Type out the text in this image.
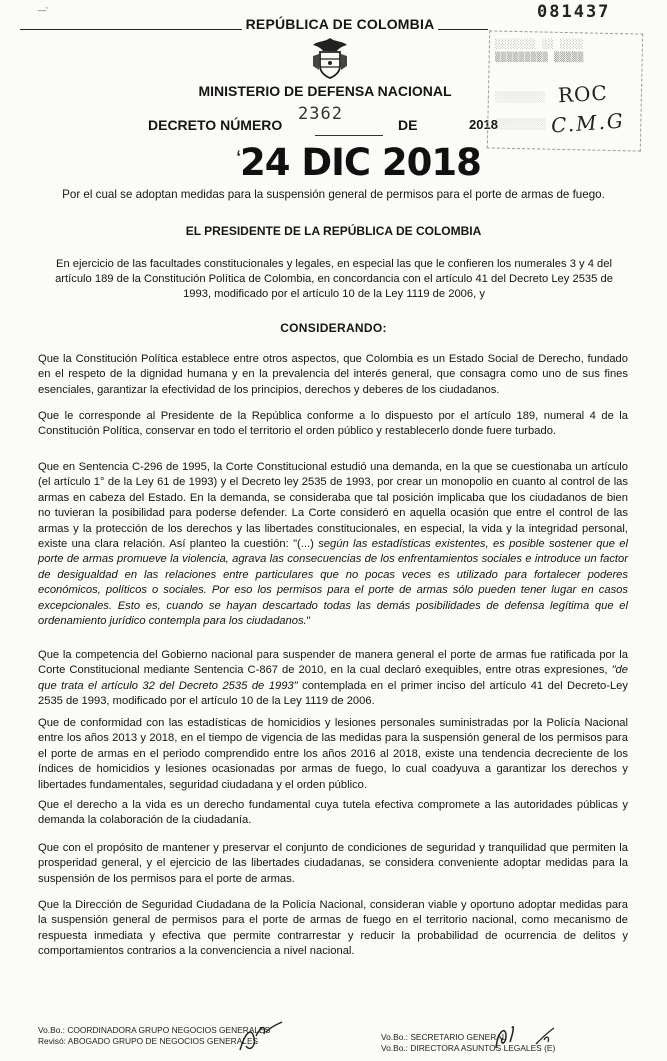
—’
REPÚBLICA DE COLOMBIA
081437
MINISTERIO DE DEFENSA NACIONAL
DECRETO NÚMERO
2362
DE	2018
‘
24 DIC 2018
░░░░░░░ ░░ ░░░░
▒▒▒▒▒▒▒▒▒ ▒▒▒▒▒
░░░░░░░
░░░░░░░
ROC
C.M.G
Por el cual se adoptan medidas para la suspensión general de permisos para el porte de armas de fuego.
EL PRESIDENTE DE LA REPÚBLICA DE COLOMBIA
En ejercicio de las facultades constitucionales y legales, en especial las que le confieren los numerales 3 y 4 del artículo 189 de la Constitución Política de Colombia, en concordancia con el artículo 41 del Decreto Ley 2535 de 1993, modificado por el artículo 10 de la Ley 1119 de 2006, y
CONSIDERANDO:

Que la Constitución Política establece entre otros aspectos, que Colombia es un Estado Social de Derecho, fundado en el respeto de la dignidad humana y en la prevalencia del interés general, que consagra como uno de sus fines esenciales, garantizar la efectividad de los principios, derechos y deberes de los ciudadanos.

Que le corresponde al Presidente de la República conforme a lo dispuesto por el artículo 189, numeral 4 de la Constitución Política, conservar en todo el territorio el orden público y restablecerlo donde fuere turbado.

Que en Sentencia C-296 de 1995, la Corte Constitucional estudió una demanda, en la que se cuestionaba un artículo (el artículo 1° de la Ley 61 de 1993) y el Decreto ley 2535 de 1993, por crear un monopolio en cuanto al control de las armas en cabeza del Estado. En la demanda, se consideraba que tal posición implicaba que los ciudadanos de bien no tuvieran la posibilidad para poderse defender. La Corte consideró en aquella ocasión que entre el control de las armas y la protección de los derechos y las libertades constitucionales, en especial, la vida y la integridad personal, existe una clara relación. Así planteo la cuestión: "(...) según las estadísticas existentes, es posible sostener que el porte de armas promueve la violencia, agrava las consecuencias de los enfrentamientos sociales e introduce un factor de desigualdad en las relaciones entre particulares que no pocas veces es utilizado para fortalecer poderes económicos, políticos o sociales. Por eso los permisos para el porte de armas sólo pueden tener lugar en casos excepcionales. Esto es, cuando se hayan descartado todas las demás posibilidades de defensa legítima que el ordenamiento jurídico contempla para los ciudadanos."

Que la competencia del Gobierno nacional para suspender de manera general el porte de armas fue ratificada por la Corte Constitucional mediante Sentencia C-867 de 2010, en la cual declaró exequibles, entre otras expresiones, "de que trata el artículo 32 del Decreto 2535 de 1993" contemplada en el primer inciso del artículo 41 del Decreto-Ley 2535 de 1993, modificado por el artículo 10 de la Ley 1119 de 2006.

Que de conformidad con las estadísticas de homicidios y lesiones personales suministradas por la Policía Nacional entre los años 2013 y 2018, en el tiempo de vigencia de las medidas para la suspensión general de los permisos para el porte de armas en el periodo comprendido entre los años 2016 al 2018, existe una tendencia decreciente de los índices de homicidios y lesiones ocasionadas por armas de fuego, lo cual coadyuva a garantizar los derechos y libertades fundamentales, seguridad ciudadana y el orden público.

Que el derecho a la vida es un derecho fundamental cuya tutela efectiva compromete a las autoridades públicas y demanda la colaboración de la ciudadanía.

Que con el propósito de mantener y preservar el conjunto de condiciones de seguridad y tranquilidad que permiten la prosperidad general, y el ejercicio de las libertades ciudadanas, se considera conveniente adoptar medidas para la suspensión de los permisos para el porte de armas.

Que la Dirección de Seguridad Ciudadana de la Policía Nacional, consideran viable y oportuno adoptar medidas para la suspensión general de permisos para el porte de armas de fuego en el territorio nacional, como mecanismo de respuesta inmediata y efectiva que permite contrarrestar y reducir la probabilidad de ocurrencia de delitos y comportamientos contrarios a la convenciencia a nivel nacional.

Vo.Bo.: COORDINADORA GRUPO NEGOCIOS GENERALES
Revisó: ABOGADO GRUPO DE NEGOCIOS GENERALES	Vo.Bo.: SECRETARIO GENERAL
Vo.Bo.: DIRECTORA ASUNTOS LEGALES (E)
